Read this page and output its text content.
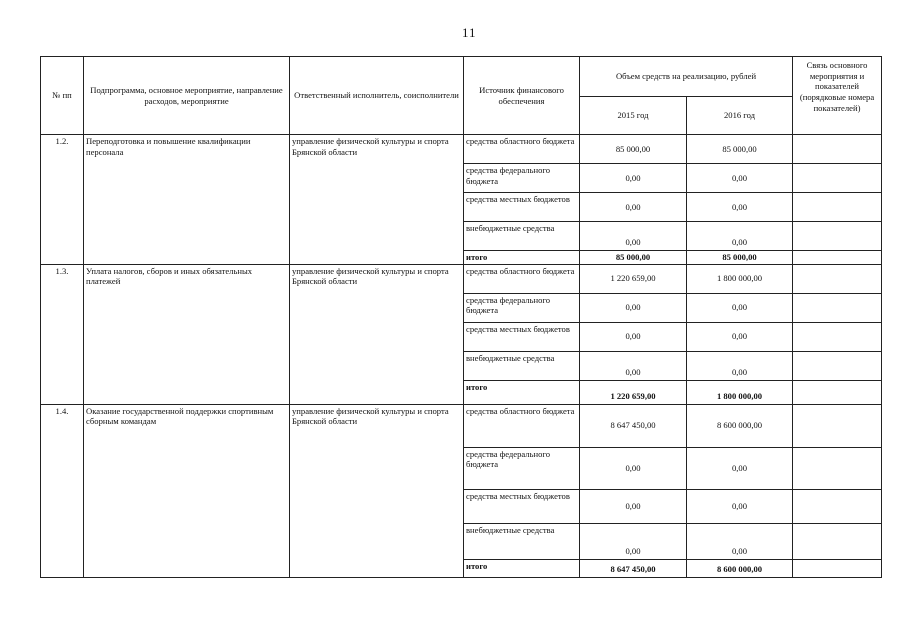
11
№ пп	Подпрограмма, основное мероприятие, направление расходов, мероприятие	Ответственный исполнитель, соисполнители	Источник финансового обеспечения	Объем средств на реализацию, рублей		Связь основного мероприятия и показателей (порядковые номера показателей)
				2015 год	2016 год	
1.2.	Переподготовка и повышение квалификации персонала	управление физической культуры и спорта Брянской области	средства областного бюджета	85 000,00	85 000,00	
			средства федерального бюджета	0,00	0,00	
			средства местных бюджетов	0,00	0,00	
			внебюджетные средства	0,00	0,00	
			итого	85 000,00	85 000,00	
1.3.	Уплата налогов, сборов и иных обязательных платежей	управление физической культуры и спорта Брянской области	средства областного бюджета	1 220 659,00	1 800 000,00	
			средства федерального бюджета	0,00	0,00	
			средства местных бюджетов	0,00	0,00	
			внебюджетные средства	0,00	0,00	
			итого	1 220 659,00	1 800 000,00	
1.4.	Оказание государственной поддержки спортивным сборным командам	управление физической культуры и спорта Брянской области	средства областного бюджета	8 647 450,00	8 600 000,00	
			средства федерального бюджета	0,00	0,00	
			средства местных бюджетов	0,00	0,00	
			внебюджетные средства	0,00	0,00	
			итого	8 647 450,00	8 600 000,00	
